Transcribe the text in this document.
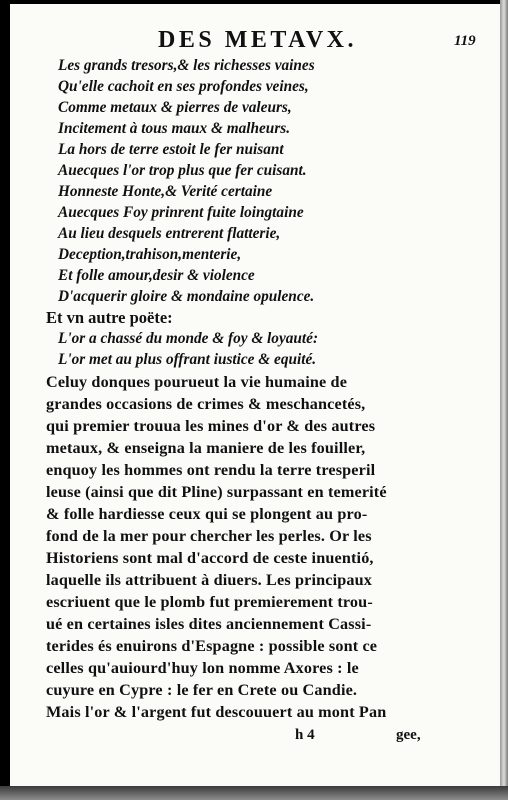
DES METAVX.	119
Les grands tresors,& les richesses vaines
Qu'elle cachoit en ses profondes veines,
Comme metaux & pierres de valeurs,
Incitement à tous maux & malheurs.
La hors de terre estoit le fer nuisant
Auecques l'or trop plus que fer cuisant.
Honneste Honte,& Verité certaine
Auecques Foy prinrent fuite loingtaine
Au lieu desquels entrerent flatterie,
Deception,trahison,menterie,
Et folle amour,desir & violence
D'acquerir gloire & mondaine opulence.
Et vn autre poëte:
L'or a chassé du monde & foy & loyauté:
L'or met au plus offrant iustice & equité.
Celuy donques pourueut la vie humaine de
grandes occasions de crimes & meschancetés,
qui premier trouua les mines d'or & des autres
metaux, & enseigna la maniere de les fouiller,
enquoy les hommes ont rendu la terre tresperil
leuse (ainsi que dit Pline) surpassant en temerité
& folle hardiesse ceux qui se plongent au pro-
fond de la mer pour chercher les perles. Or les
Historiens sont mal d'accord de ceste inuentió,
laquelle ils attribuent à diuers. Les principaux
escriuent que le plomb fut premierement trou-
ué en certaines isles dites anciennement Cassi-
terides és enuirons d'Espagne : possible sont ce
celles qu'auiourd'huy lon nomme Axores : le
cuyure en Cypre : le fer en Crete ou Candie.
Mais l'or & l'argent fut descouuert au mont Pan
h 4	gee,
